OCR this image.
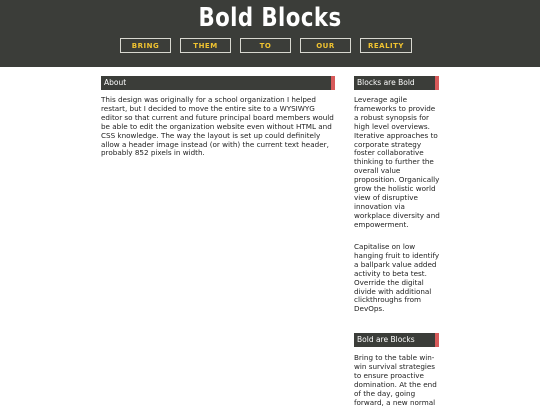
Bold Blocks
BRING	THEM	TO	OUR	REALITY
About
This design was originally for a school organization I helped restart, but I decided to move the entire site to a WYSIWYG editor so that current and future principal board members would be able to edit the organization website even without HTML and CSS knowledge. The way the layout is set up could definitely allow a header image instead (or with) the current text header, probably 852 pixels in width.
Blocks are Bold
Leverage agile frameworks to provide a robust synopsis for high level overviews. Iterative approaches to corporate strategy foster collaborative thinking to further the overall value proposition. Organically grow the holistic world view of disruptive innovation via workplace diversity and empowerment.
Capitalise on low hanging fruit to identify a ballpark value added activity to beta test. Override the digital divide with additional clickthroughs from DevOps.
Bold are Blocks
Bring to the table win-win survival strategies to ensure proactive domination. At the end of the day, going forward, a new normal
